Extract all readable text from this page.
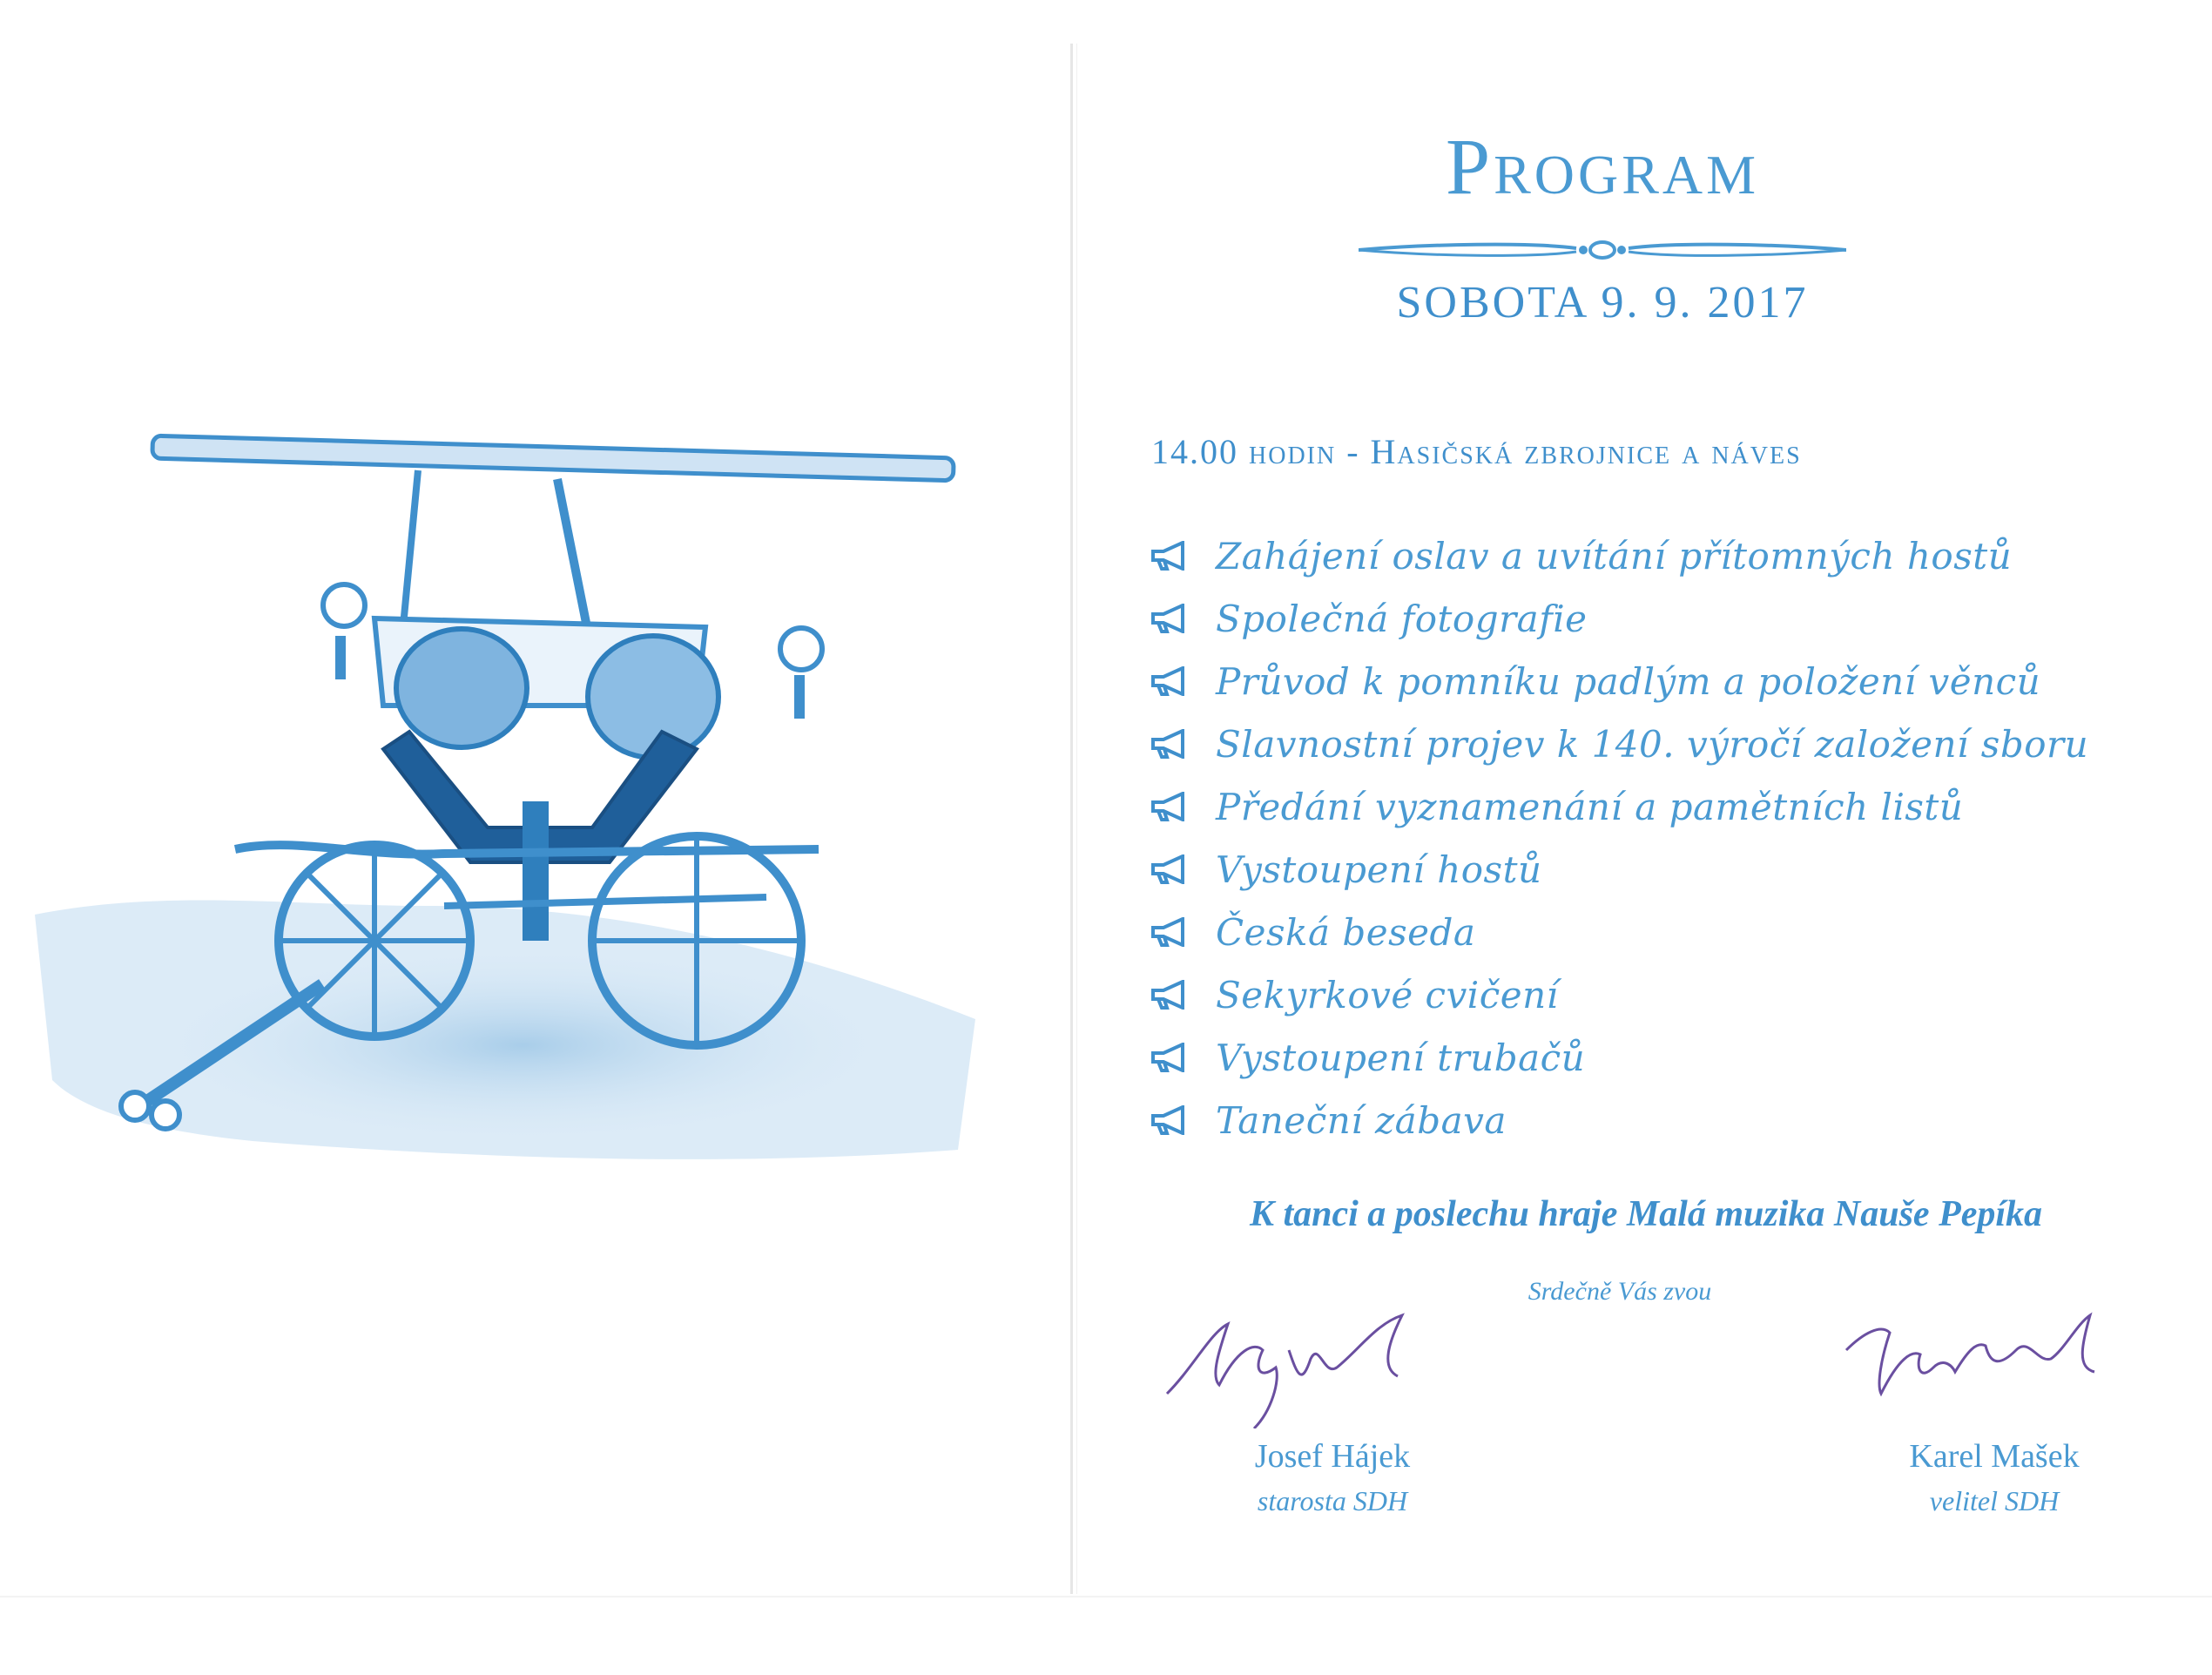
Program
SOBOTA 9. 9. 2017
14.00 hodin - Hasičská zbrojnice a náves
Zahájení oslav a uvítání přítomných hostů
Společná fotografie
Průvod k pomníku padlým a položení věnců
Slavnostní projev k 140. výročí založení sboru
Předání vyznamenání a pamětních listů
Vystoupení hostů
Česká beseda
Sekyrkové cvičení
Vystoupení trubačů
Taneční zábava
K tanci a poslechu hraje Malá muzika Nauše Pepíka
Srdečně Vás zvou
Josef Hájek
starosta SDH
Karel Mašek
velitel SDH
